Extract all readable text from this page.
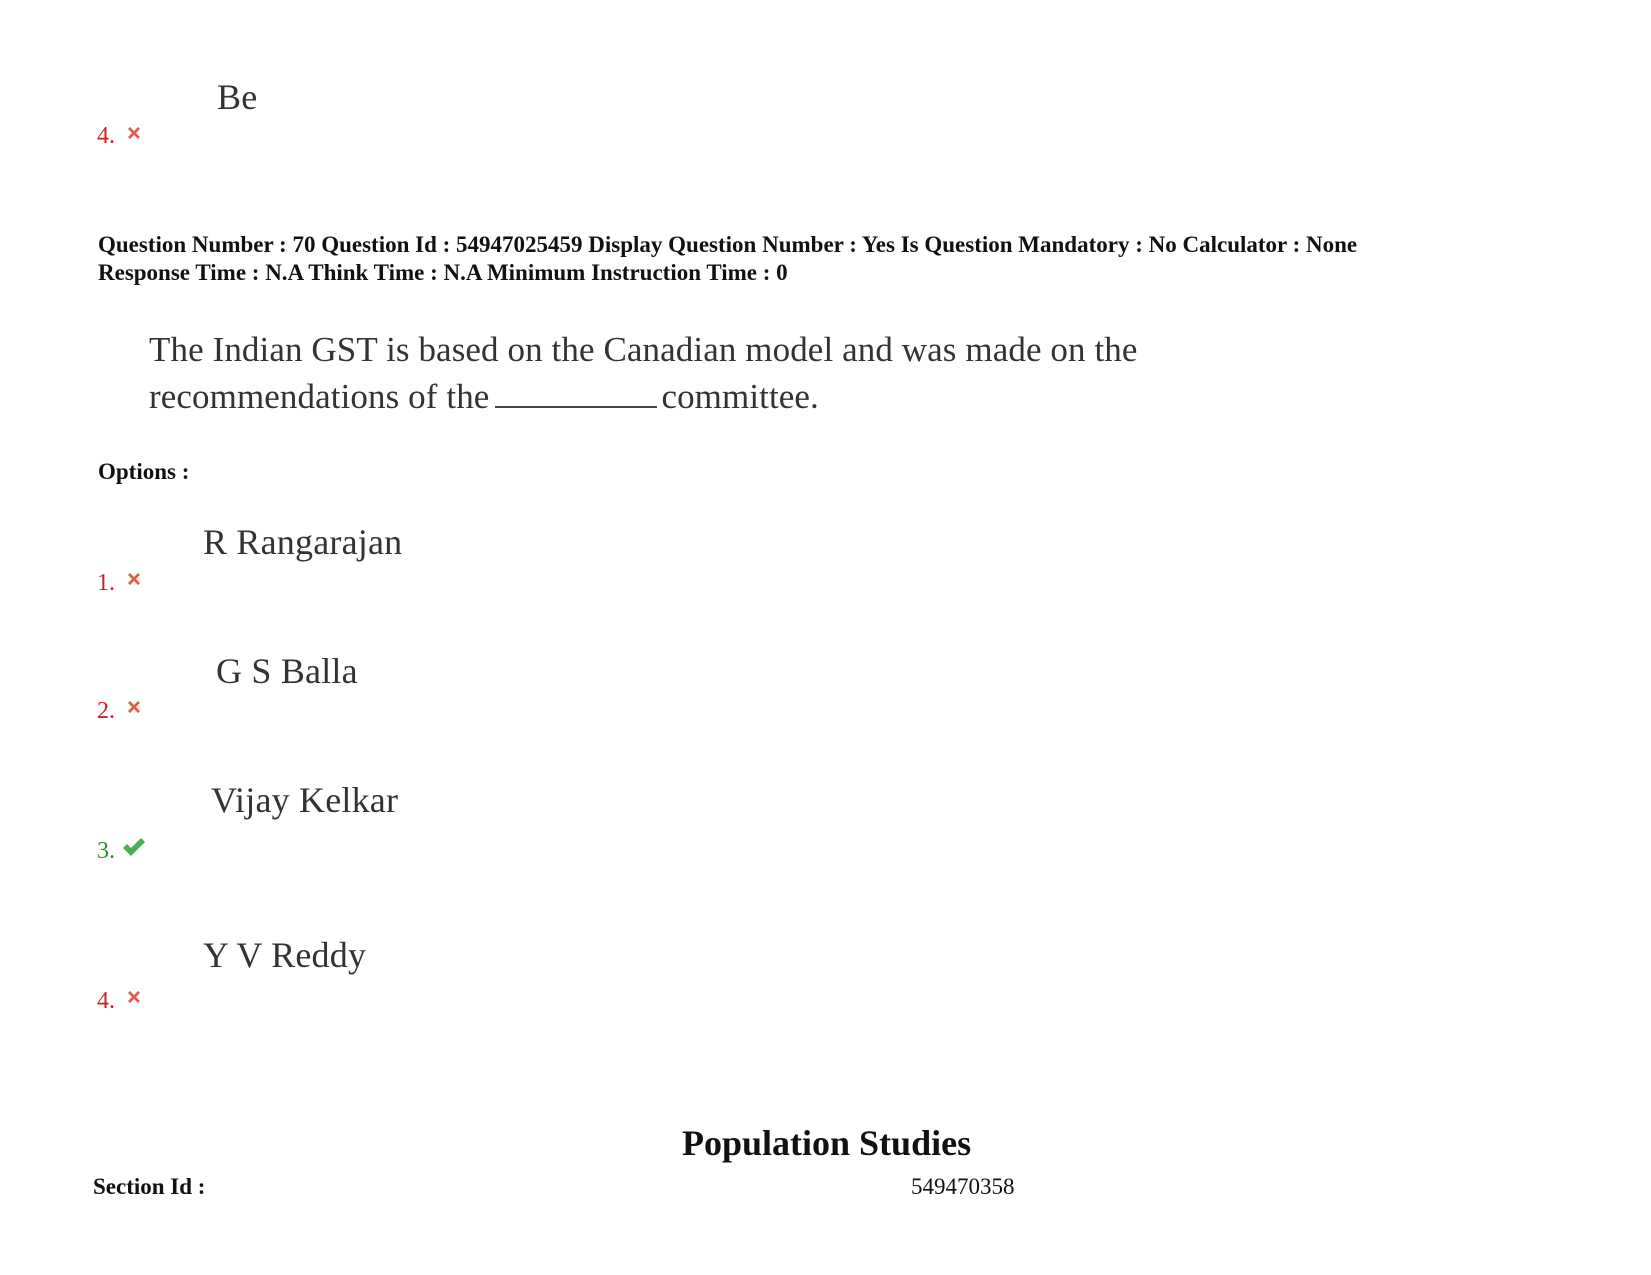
Be
4.
Question Number : 70 Question Id : 54947025459 Display Question Number : Yes Is Question Mandatory : No Calculator : None
Response Time : N.A Think Time : N.A Minimum Instruction Time : 0
The Indian GST is based on the Canadian model and was made on the
recommendations of the	committee.
Options :
R Rangarajan
1.
G S Balla
2.
Vijay Kelkar
3.
Y V Reddy
4.
Population Studies
Section Id :	549470358
